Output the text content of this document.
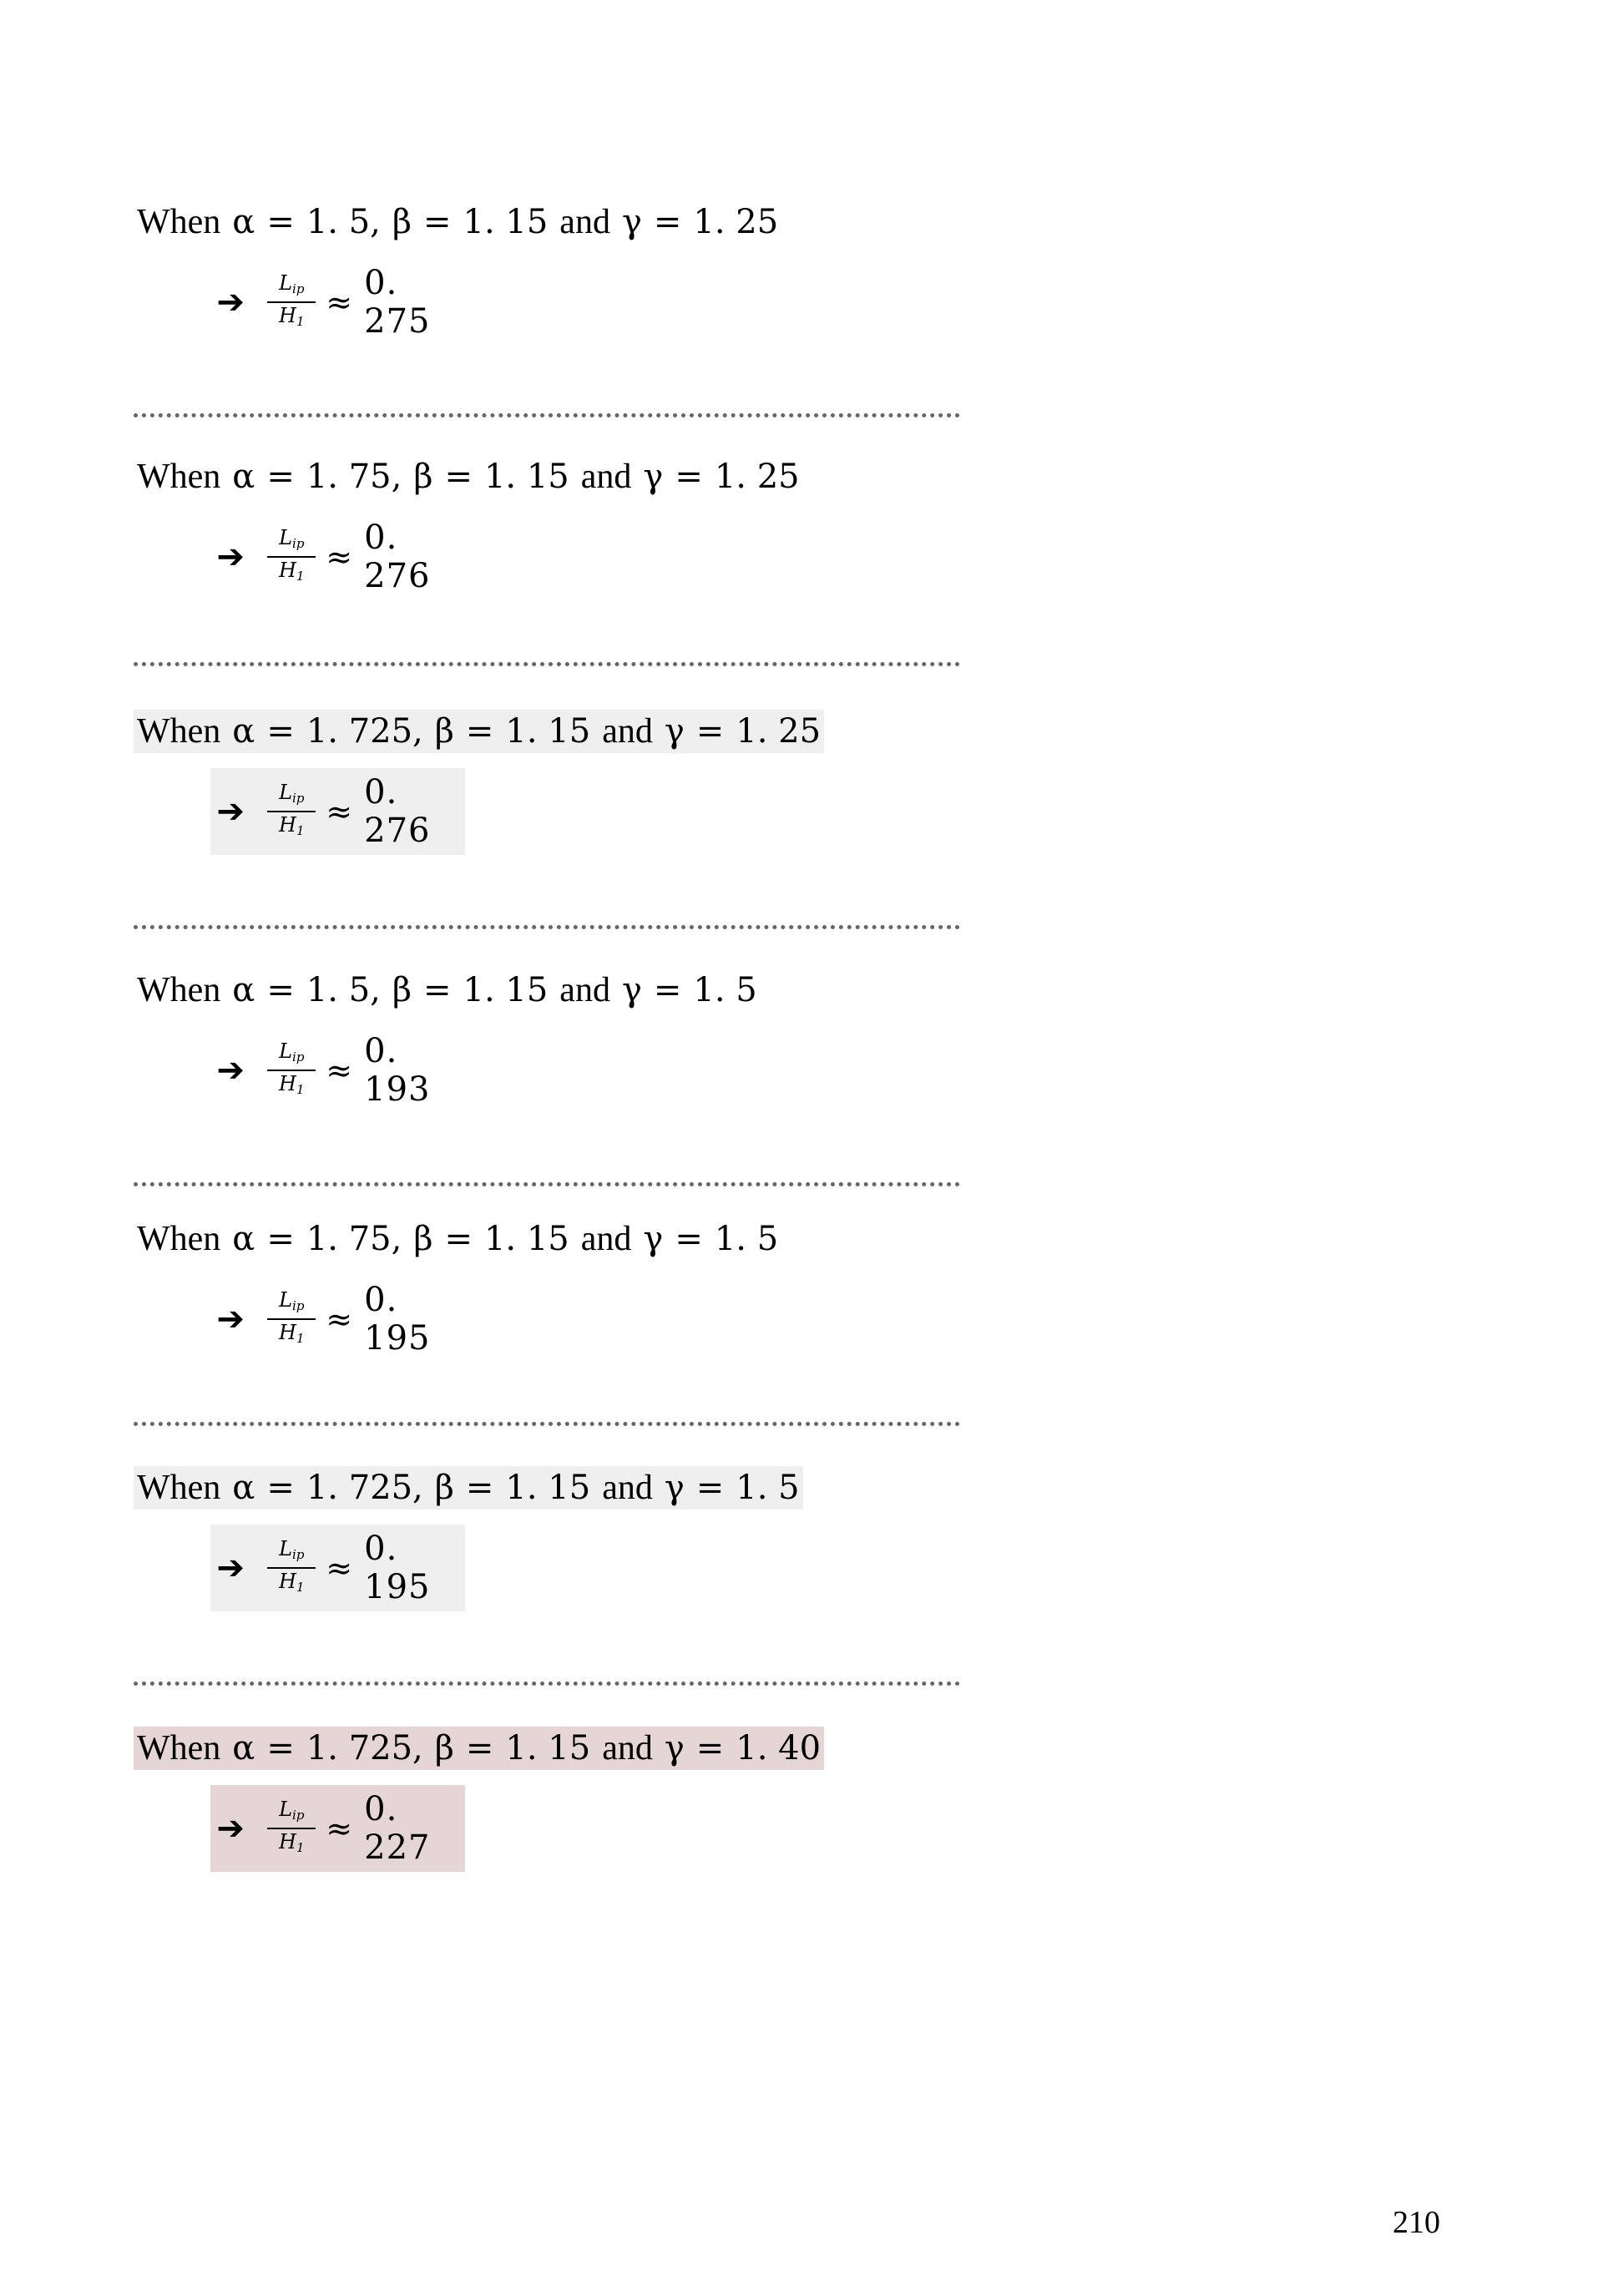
When α = 1. 5, β = 1. 15 and γ = 1. 25
➔ $\frac{L_{ip}}{H_1} \approx 0$. 275
When α = 1. 75, β = 1. 15 and γ = 1. 25
➔ $\frac{L_{ip}}{H_1} \approx 0$. 276
When α = 1. 725, β = 1. 15 and γ = 1. 25
➔ $\frac{L_{ip}}{H_1} \approx 0$. 276
When α = 1. 5, β = 1. 15 and γ = 1. 5
➔ $\frac{L_{ip}}{H_1} \approx 0$. 193
When α = 1. 75, β = 1. 15 and γ = 1. 5
➔ $\frac{L_{ip}}{H_1} \approx 0$. 195
When α = 1. 725, β = 1. 15 and γ = 1. 5
➔ $\frac{L_{ip}}{H_1} \approx 0$. 195
When α = 1. 725, β = 1. 15 and γ = 1. 40
➔ $\frac{L_{ip}}{H_1} \approx 0$. 227
210
